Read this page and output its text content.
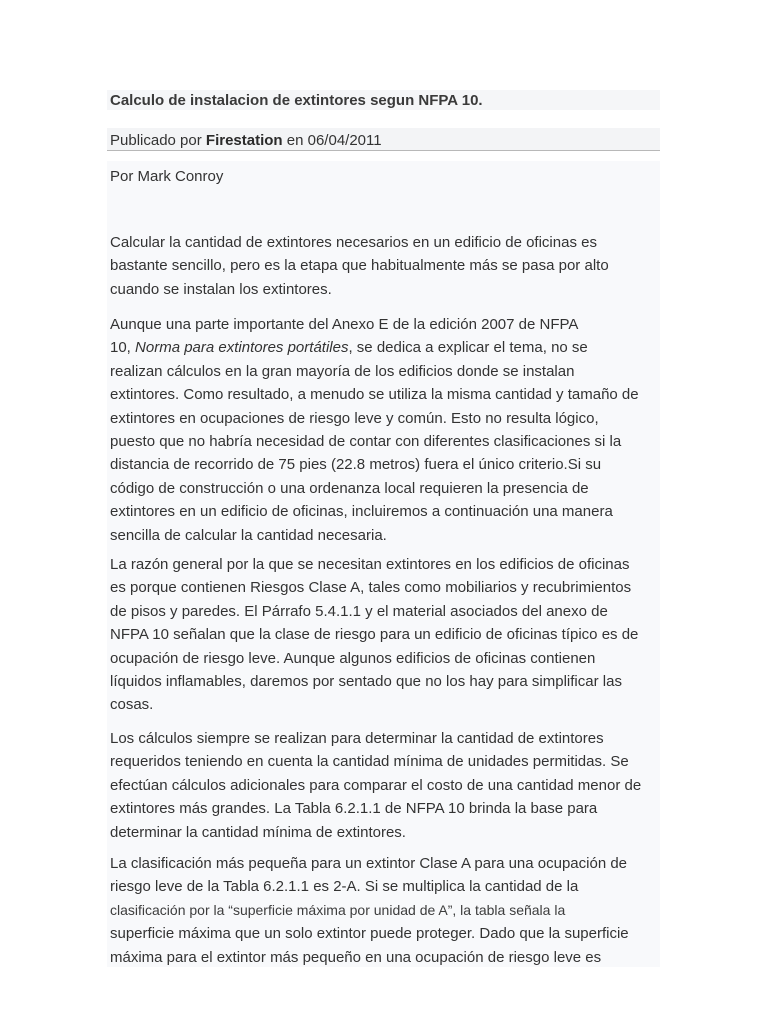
Calculo de instalacion de extintores segun NFPA 10.
Publicado por Firestation en 06/04/2011
Por Mark Conroy
Calcular la cantidad de extintores necesarios en un edificio de oficinas es
bastante sencillo, pero es la etapa que habitualmente más se pasa por alto
cuando se instalan los extintores.
Aunque una parte importante del Anexo E de la edición 2007 de NFPA
10, Norma para extintores portátiles, se dedica a explicar el tema, no se
realizan cálculos en la gran mayoría de los edificios donde se instalan
extintores. Como resultado, a menudo se utiliza la misma cantidad y tamaño de
extintores en ocupaciones de riesgo leve y común. Esto no resulta lógico,
puesto que no habría necesidad de contar con diferentes clasificaciones si la
distancia de recorrido de 75 pies (22.8 metros) fuera el único criterio.Si su
código de construcción o una ordenanza local requieren la presencia de
extintores en un edificio de oficinas, incluiremos a continuación una manera
sencilla de calcular la cantidad necesaria.
La razón general por la que se necesitan extintores en los edificios de oficinas
es porque contienen Riesgos Clase A, tales como mobiliarios y recubrimientos
de pisos y paredes. El Párrafo 5.4.1.1 y el material asociados del anexo de
NFPA 10 señalan que la clase de riesgo para un edificio de oficinas típico es de
ocupación de riesgo leve. Aunque algunos edificios de oficinas contienen
líquidos inflamables, daremos por sentado que no los hay para simplificar las
cosas.
Los cálculos siempre se realizan para determinar la cantidad de extintores
requeridos teniendo en cuenta la cantidad mínima de unidades permitidas. Se
efectúan cálculos adicionales para comparar el costo de una cantidad menor de
extintores más grandes. La Tabla 6.2.1.1 de NFPA 10 brinda la base para
determinar la cantidad mínima de extintores.
La clasificación más pequeña para un extintor Clase A para una ocupación de
riesgo leve de la Tabla 6.2.1.1 es 2-A. Si se multiplica la cantidad de la
clasificación por la “superficie máxima por unidad de A”, la tabla señala la
superficie máxima que un solo extintor puede proteger. Dado que la superficie
máxima para el extintor más pequeño en una ocupación de riesgo leve es
